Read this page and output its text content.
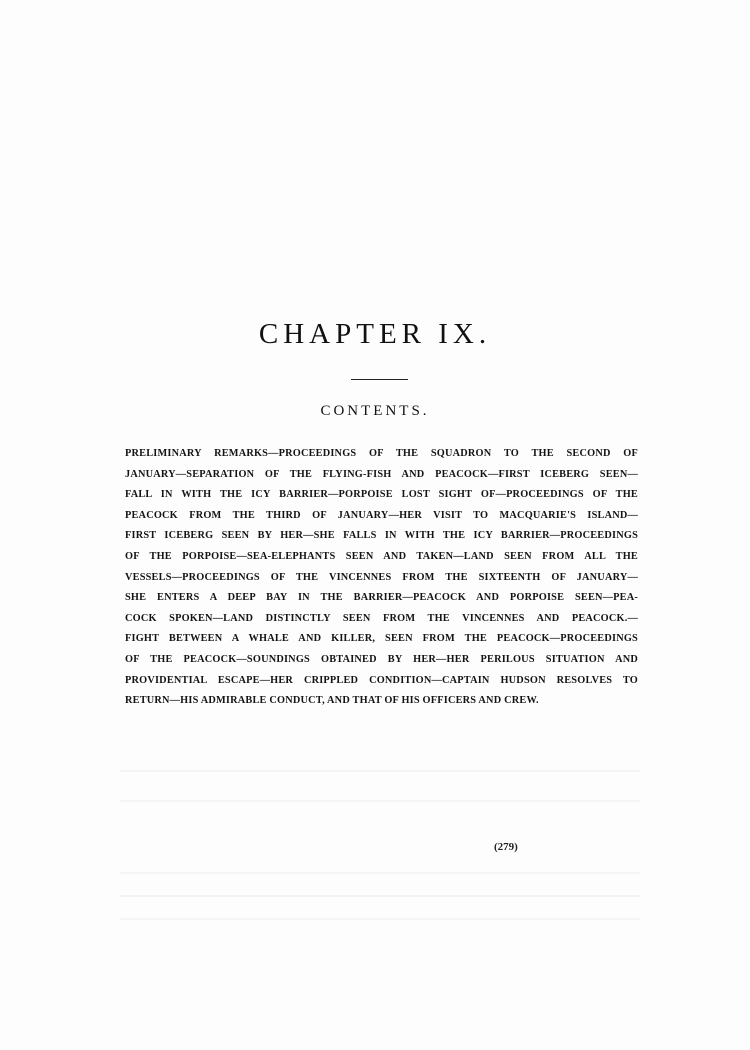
CHAPTER IX.
CONTENTS.
PRELIMINARY REMARKS—PROCEEDINGS OF THE SQUADRON TO THE SECOND OF
JANUARY—SEPARATION OF THE FLYING-FISH AND PEACOCK—FIRST ICEBERG SEEN—
FALL IN WITH THE ICY BARRIER—PORPOISE LOST SIGHT OF—PROCEEDINGS OF THE
PEACOCK FROM THE THIRD OF JANUARY—HER VISIT TO MACQUARIE'S ISLAND—
FIRST ICEBERG SEEN BY HER—SHE FALLS IN WITH THE ICY BARRIER—PROCEEDINGS
OF THE PORPOISE—SEA-ELEPHANTS SEEN AND TAKEN—LAND SEEN FROM ALL THE
VESSELS—PROCEEDINGS OF THE VINCENNES FROM THE SIXTEENTH OF JANUARY—
SHE ENTERS A DEEP BAY IN THE BARRIER—PEACOCK AND PORPOISE SEEN—PEA-
COCK SPOKEN—LAND DISTINCTLY SEEN FROM THE VINCENNES AND PEACOCK.—
FIGHT BETWEEN A WHALE AND KILLER, SEEN FROM THE PEACOCK—PROCEEDINGS
OF THE PEACOCK—SOUNDINGS OBTAINED BY HER—HER PERILOUS SITUATION AND
PROVIDENTIAL ESCAPE—HER CRIPPLED CONDITION—CAPTAIN HUDSON RESOLVES TO
RETURN—HIS ADMIRABLE CONDUCT, AND THAT OF HIS OFFICERS AND CREW.
(279)
